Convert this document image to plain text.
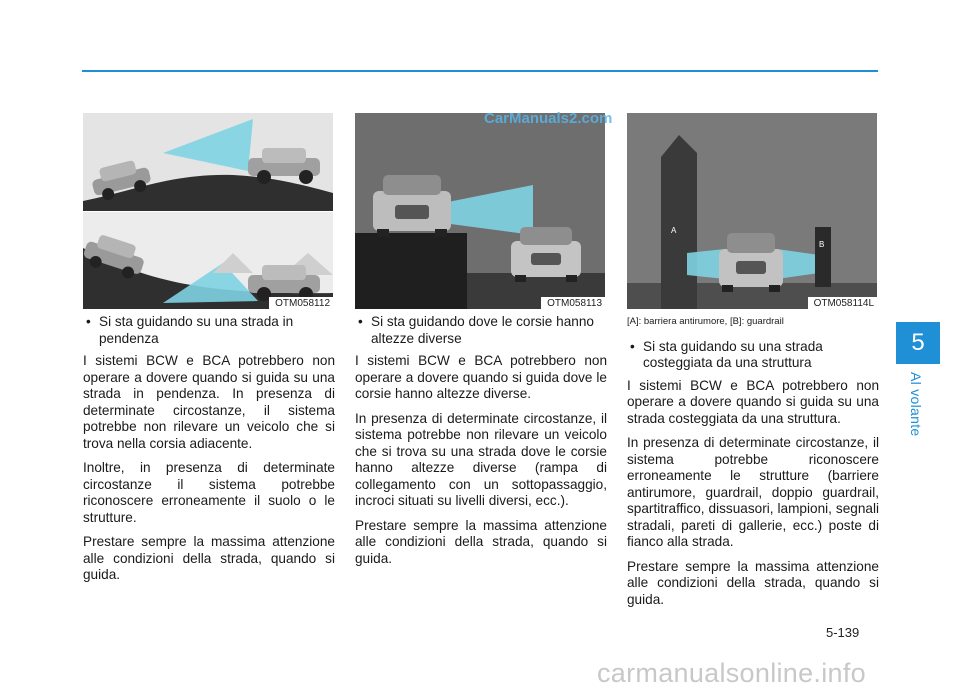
OTM058112	OTM058113
A
B
OTM058114L
CarManuals2.com

• Si sta guidando su una strada in pendenza

I sistemi BCW e BCA potrebbero non operare a dovere quando si guida su una strada in pendenza. In presenza di determinate circostanze, il sistema potrebbe non rilevare un veicolo che si trova nella corsia adiacente.

Inoltre, in presenza di determinate circostanze il sistema potrebbe riconoscere erroneamente il suolo o le strutture.

Prestare sempre la massima attenzione alle condizioni della strada, quando si guida.

• Si sta guidando dove le corsie hanno altezze diverse

I sistemi BCW e BCA potrebbero non operare a dovere quando si guida dove le corsie hanno altezze diverse.

In presenza di determinate circostanze, il sistema potrebbe non rilevare un veicolo che si trova su una strada dove le corsie hanno altezze diverse (rampa di collegamento con un sottopassaggio, incroci situati su livelli diversi, ecc.).

Prestare sempre la massima attenzione alle condizioni della strada, quando si guida.

[A]: barriera antirumore, [B]: guardrail

• Si sta guidando su una strada costeggiata da una struttura

I sistemi BCW e BCA potrebbero non operare a dovere quando si guida su una strada costeggiata da una struttura.

In presenza di determinate circostanze, il sistema potrebbe riconoscere erroneamente le strutture (barriere antirumore, guardrail, doppio guardrail, spartitraffico, dissuasori, lampioni, segnali stradali, pareti di gallerie, ecc.) poste di fianco alla strada.

Prestare sempre la massima attenzione alle condizioni della strada, quando si guida.

5
Al volante
5-139
carmanualsonline.info
